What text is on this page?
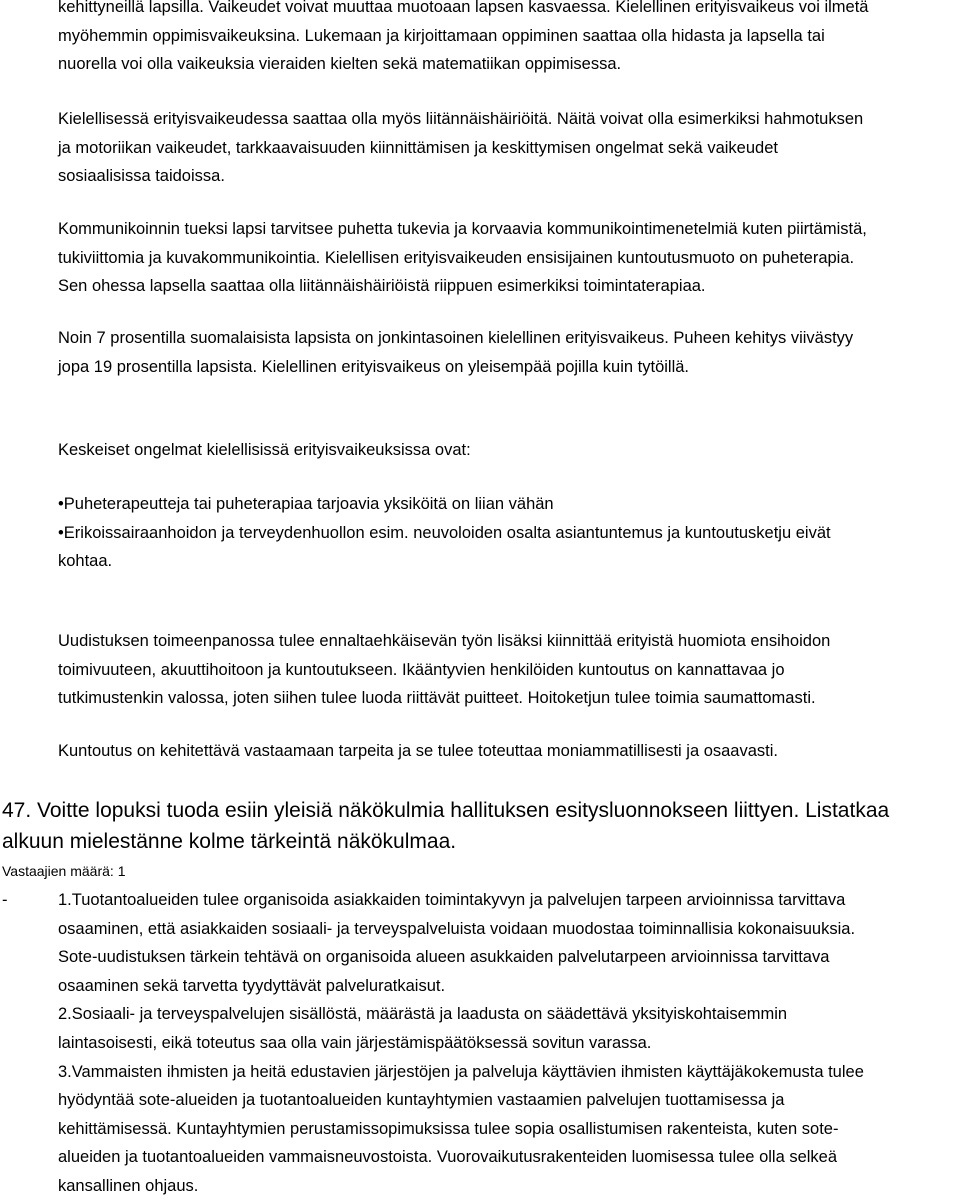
kehittyneillä lapsilla. Vaikeudet voivat muuttaa muotoaan lapsen kasvaessa. Kielellinen erityisvaikeus voi ilmetä
myöhemmin oppimisvaikeuksina. Lukemaan ja kirjoittamaan oppiminen saattaa olla hidasta ja lapsella tai
nuorella voi olla vaikeuksia vieraiden kielten sekä matematiikan oppimisessa.

Kielellisessä erityisvaikeudessa saattaa olla myös liitännäishäiriöitä. Näitä voivat olla esimerkiksi hahmotuksen
ja motoriikan vaikeudet, tarkkaavaisuuden kiinnittämisen ja keskittymisen ongelmat sekä vaikeudet
sosiaalisissa taidoissa.

Kommunikoinnin tueksi lapsi tarvitsee puhetta tukevia ja korvaavia kommunikointimenetelmiä kuten piirtämistä,
tukiviittomia ja kuvakommunikointia. Kielellisen erityisvaikeuden ensisijainen kuntoutusmuoto on puheterapia.
Sen ohessa lapsella saattaa olla liitännäishäiriöistä riippuen esimerkiksi toimintaterapiaa.

Noin 7 prosentilla suomalaisista lapsista on jonkintasoinen kielellinen erityisvaikeus. Puheen kehitys viivästyy
jopa 19 prosentilla lapsista. Kielellinen erityisvaikeus on yleisempää pojilla kuin tytöillä.

Keskeiset ongelmat kielellisissä erityisvaikeuksissa ovat:

•Puheterapeutteja tai puheterapiaa tarjoavia yksiköitä on liian vähän
•Erikoissairaanhoidon ja terveydenhuollon esim. neuvoloiden osalta asiantuntemus ja kuntoutusketju eivät
kohtaa.

Uudistuksen toimeenpanossa tulee ennaltaehkäisevän työn lisäksi kiinnittää erityistä huomiota ensihoidon
toimivuuteen, akuuttihoitoon ja kuntoutukseen. Ikääntyvien henkilöiden kuntoutus on kannattavaa jo
tutkimustenkin valossa, joten siihen tulee luoda riittävät puitteet. Hoitoketjun tulee toimia saumattomasti.

Kuntoutus on kehitettävä vastaamaan tarpeita ja se tulee toteuttaa moniammatillisesti ja osaavasti.

47. Voitte lopuksi tuoda esiin yleisiä näkökulmia hallituksen esitysluonnokseen liittyen. Listatkaa
alkuun mielestänne kolme tärkeintä näkökulmaa.
Vastaajien määrä: 1
-	1.Tuotantoalueiden tulee organisoida asiakkaiden toimintakyvyn ja palvelujen tarpeen arvioinnissa tarvittava
osaaminen, että asiakkaiden sosiaali- ja terveyspalveluista voidaan muodostaa toiminnallisia kokonaisuuksia.
Sote-uudistuksen tärkein tehtävä on organisoida alueen asukkaiden palvelutarpeen arvioinnissa tarvittava
osaaminen sekä tarvetta tyydyttävät palveluratkaisut.
2.Sosiaali- ja terveyspalvelujen sisällöstä, määrästä ja laadusta on säädettävä yksityiskohtaisemmin
laintasoisesti, eikä toteutus saa olla vain järjestämispäätöksessä sovitun varassa.
3.Vammaisten ihmisten ja heitä edustavien järjestöjen ja palveluja käyttävien ihmisten käyttäjäkokemusta tulee
hyödyntää sote-alueiden ja tuotantoalueiden kuntayhtymien vastaamien palvelujen tuottamisessa ja
kehittämisessä. Kuntayhtymien perustamissopimuksissa tulee sopia osallistumisen rakenteista, kuten sote-
alueiden ja tuotantoalueiden vammaisneuvostoista. Vuorovaikutusrakenteiden luomisessa tulee olla selkeä
kansallinen ohjaus.
